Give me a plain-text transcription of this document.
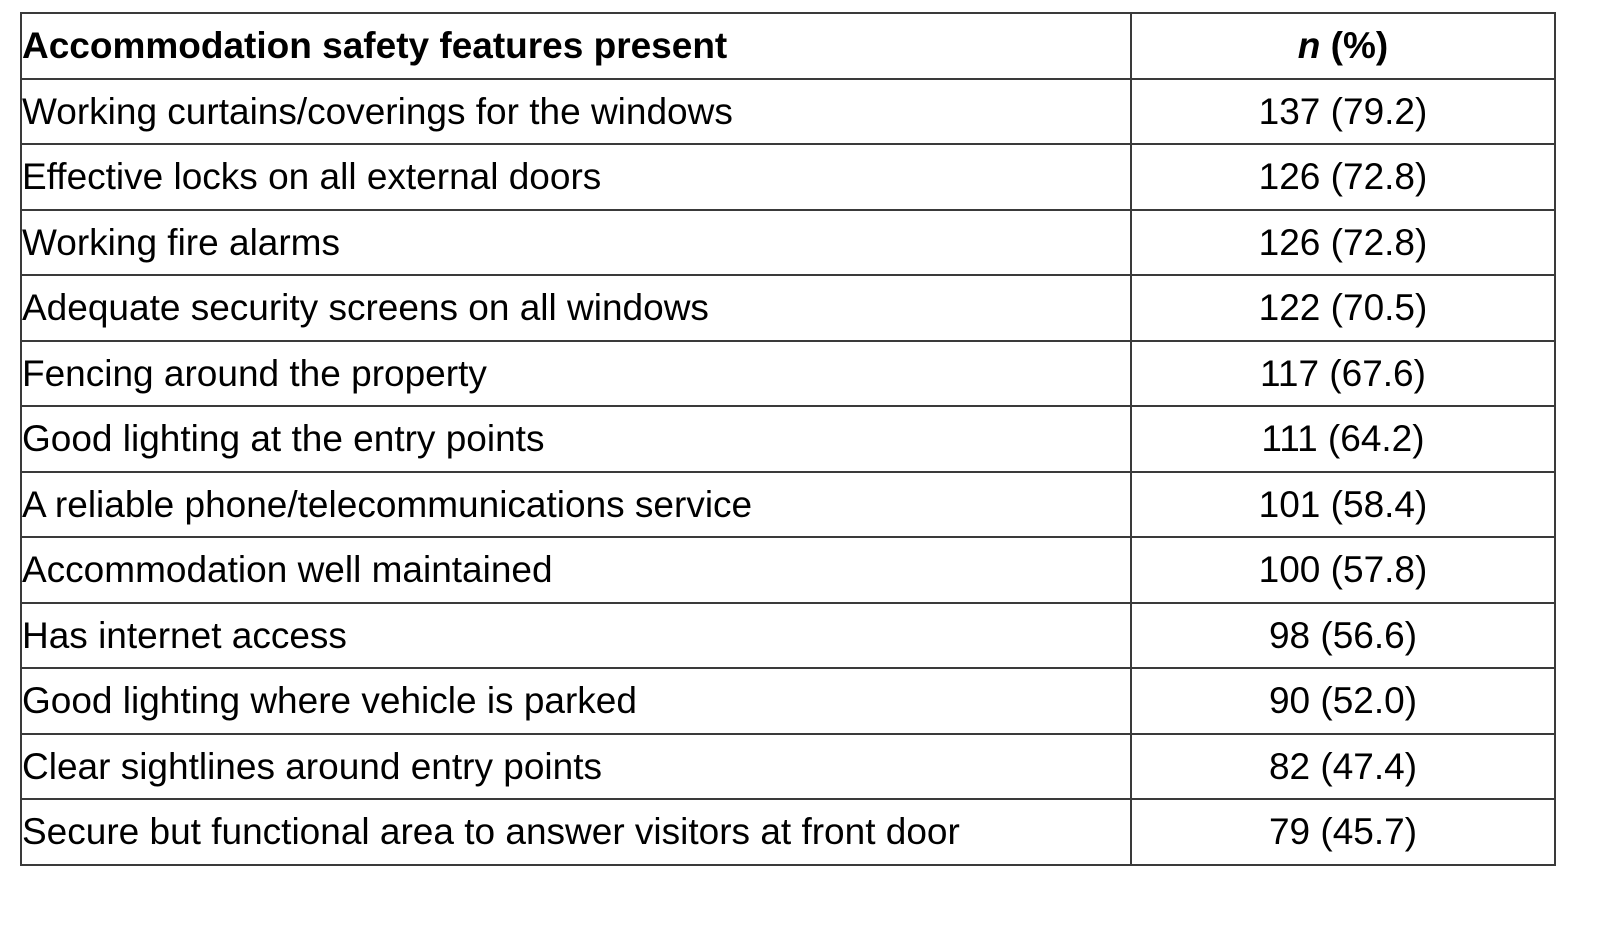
Accommodation safety features present	n (%)
Working curtains/coverings for the windows	137 (79.2)
Effective locks on all external doors	126 (72.8)
Working fire alarms	126 (72.8)
Adequate security screens on all windows	122 (70.5)
Fencing around the property	117 (67.6)
Good lighting at the entry points	111 (64.2)
A reliable phone/telecommunications service	101 (58.4)
Accommodation well maintained	100 (57.8)
Has internet access	98 (56.6)
Good lighting where vehicle is parked	90 (52.0)
Clear sightlines around entry points	82 (47.4)
Secure but functional area to answer visitors at front door	79 (45.7)
